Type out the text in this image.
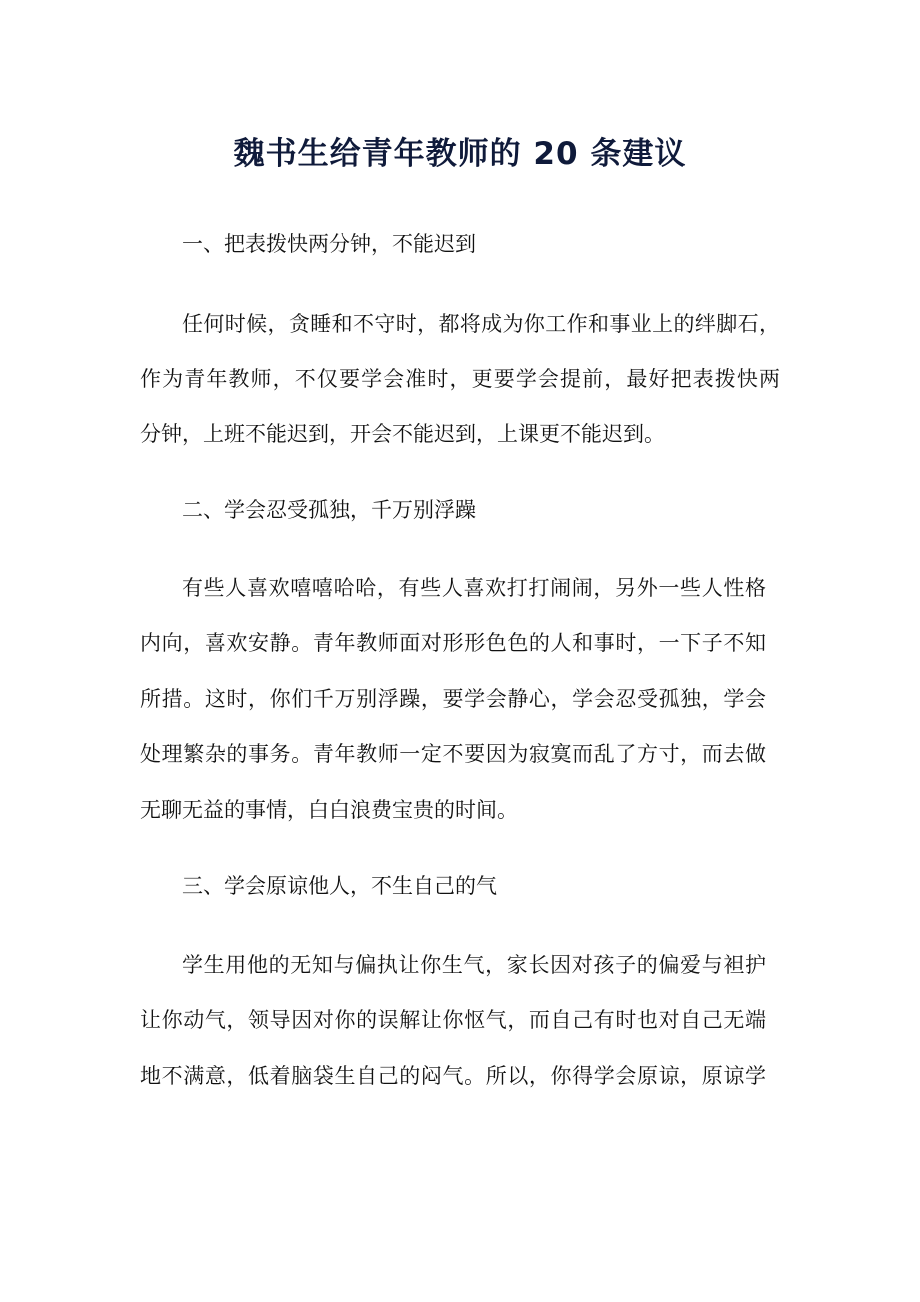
魏书生给青年教师的 20 条建议
一、把表拨快两分钟，不能迟到
任何时候，贪睡和不守时，都将成为你工作和事业上的绊脚石，
作为青年教师，不仅要学会准时，更要学会提前，最好把表拨快两
分钟，上班不能迟到，开会不能迟到，上课更不能迟到。
二、学会忍受孤独，千万别浮躁
有些人喜欢嘻嘻哈哈，有些人喜欢打打闹闹，另外一些人性格
内向，喜欢安静。青年教师面对形形色色的人和事时，一下子不知
所措。这时，你们千万别浮躁，要学会静心，学会忍受孤独，学会
处理繁杂的事务。青年教师一定不要因为寂寞而乱了方寸，而去做
无聊无益的事情，白白浪费宝贵的时间。
三、学会原谅他人，不生自己的气
学生用他的无知与偏执让你生气，家长因对孩子的偏爱与袒护
让你动气，领导因对你的误解让你怄气，而自己有时也对自己无端
地不满意，低着脑袋生自己的闷气。所以，你得学会原谅，原谅学
